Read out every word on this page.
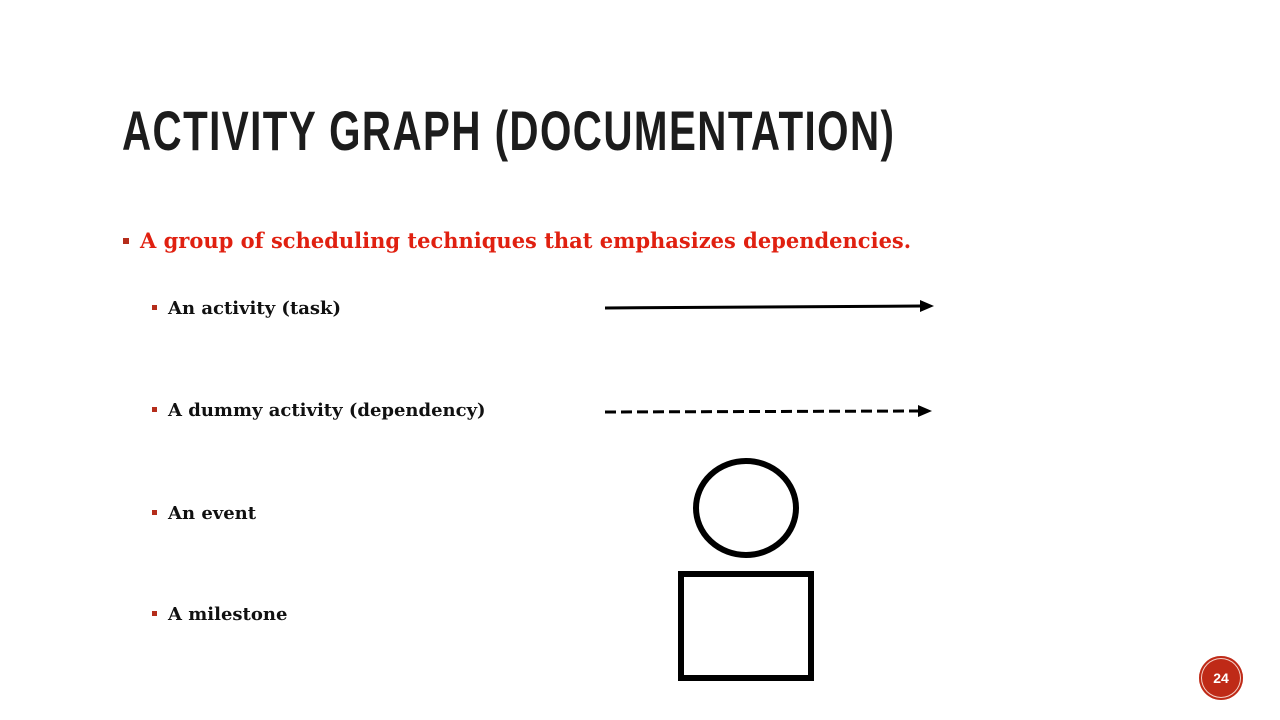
ACTIVITY GRAPH (DOCUMENTATION)
A group of scheduling techniques that emphasizes dependencies.
An activity (task)
A dummy activity (dependency)
An event
A milestone
24
